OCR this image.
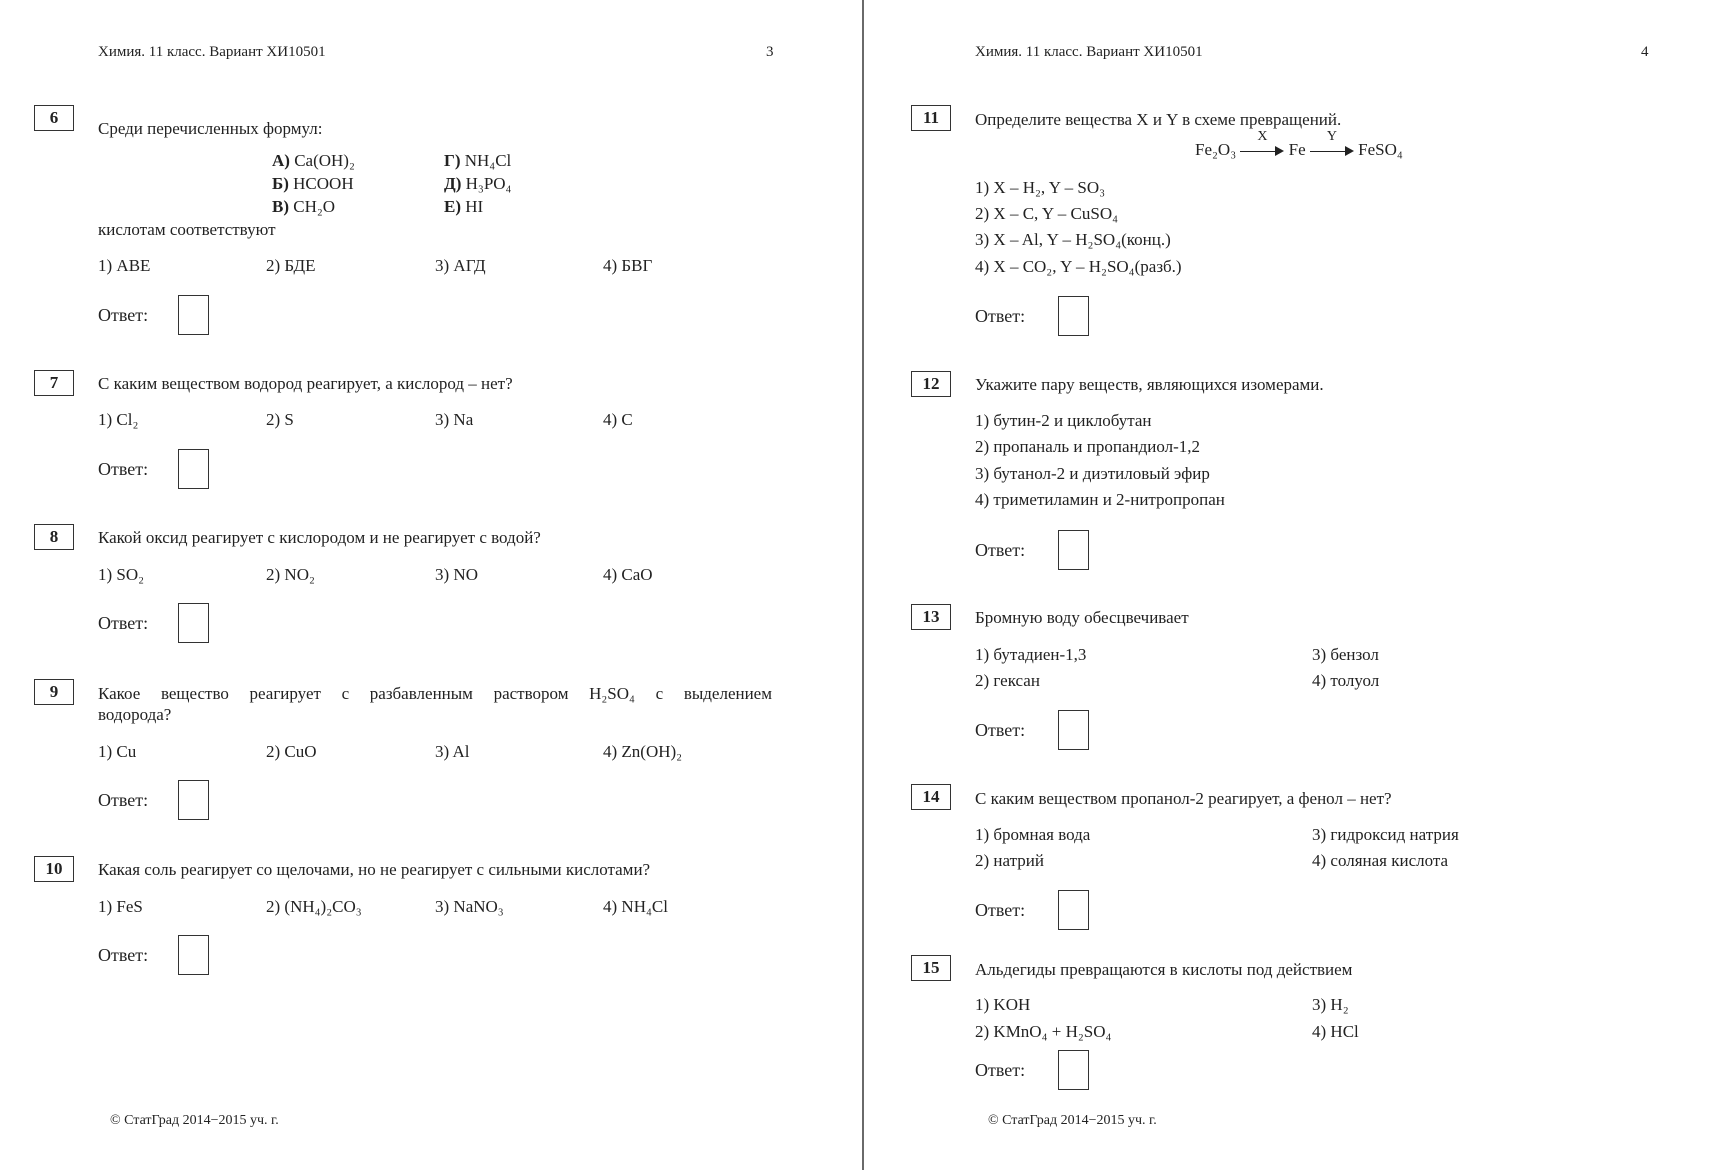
Химия. 11 класс. Вариант ХИ10501	3
6
Среди перечисленных формул:
А) Ca(OH)₂
Б) HCOOH
В) CH₂O
Г) NH₄Cl
Д) H₃PO₄
Е) HI
кислотам соответствуют
1) АВЕ	2) БДЕ	3) АГД	4) БВГ
Ответ:
7	С каким веществом водород реагирует, а кислород – нет?
1) Cl₂	2) S	3) Na	4) C
Ответ:
8	Какой оксид реагирует с кислородом и не реагирует с водой?
1) SO₂	2) NO₂	3) NO	4) CaO
Ответ:
9	Какое вещество реагирует с разбавленным раствором H₂SO₄ с выделением
водорода?
1) Cu	2) CuO	3) Al	4) Zn(OH)₂
Ответ:
10	Какая соль реагирует со щелочами, но не реагирует с сильными кислотами?
1) FeS	2) (NH₄)₂CO₃	3) NaNO₃	4) NH₄Cl
Ответ:
© СтатГрад 2014−2015 уч. г.
Химия. 11 класс. Вариант ХИ10501	4
11	Определите вещества X и Y в схеме превращений.
Fe₂O₃
X
Fe
Y
FeSO₄
1) X – H₂, Y – SO₃
2) X – C, Y – CuSO₄
3) X – Al, Y – H₂SO₄(конц.)
4) X – CO₂, Y – H₂SO₄(разб.)
Ответ:
12	Укажите пару веществ, являющихся изомерами.
1) бутин-2 и циклобутан
2) пропаналь и пропандиол-1,2
3) бутанол-2 и диэтиловый эфир
4) триметиламин и 2-нитропропан
Ответ:
13	Бромную воду обесцвечивает
1) бутадиен-1,3
2) гексан
3) бензол
4) толуол
Ответ:
14	С каким веществом пропанол-2 реагирует, а фенол – нет?
1) бромная вода
2) натрий
3) гидроксид натрия
4) соляная кислота
Ответ:
15	Альдегиды превращаются в кислоты под действием
1) KOH
2) KMnO₄ + H₂SO₄
3) H₂
4) HCl
Ответ:
© СтатГрад 2014−2015 уч. г.
